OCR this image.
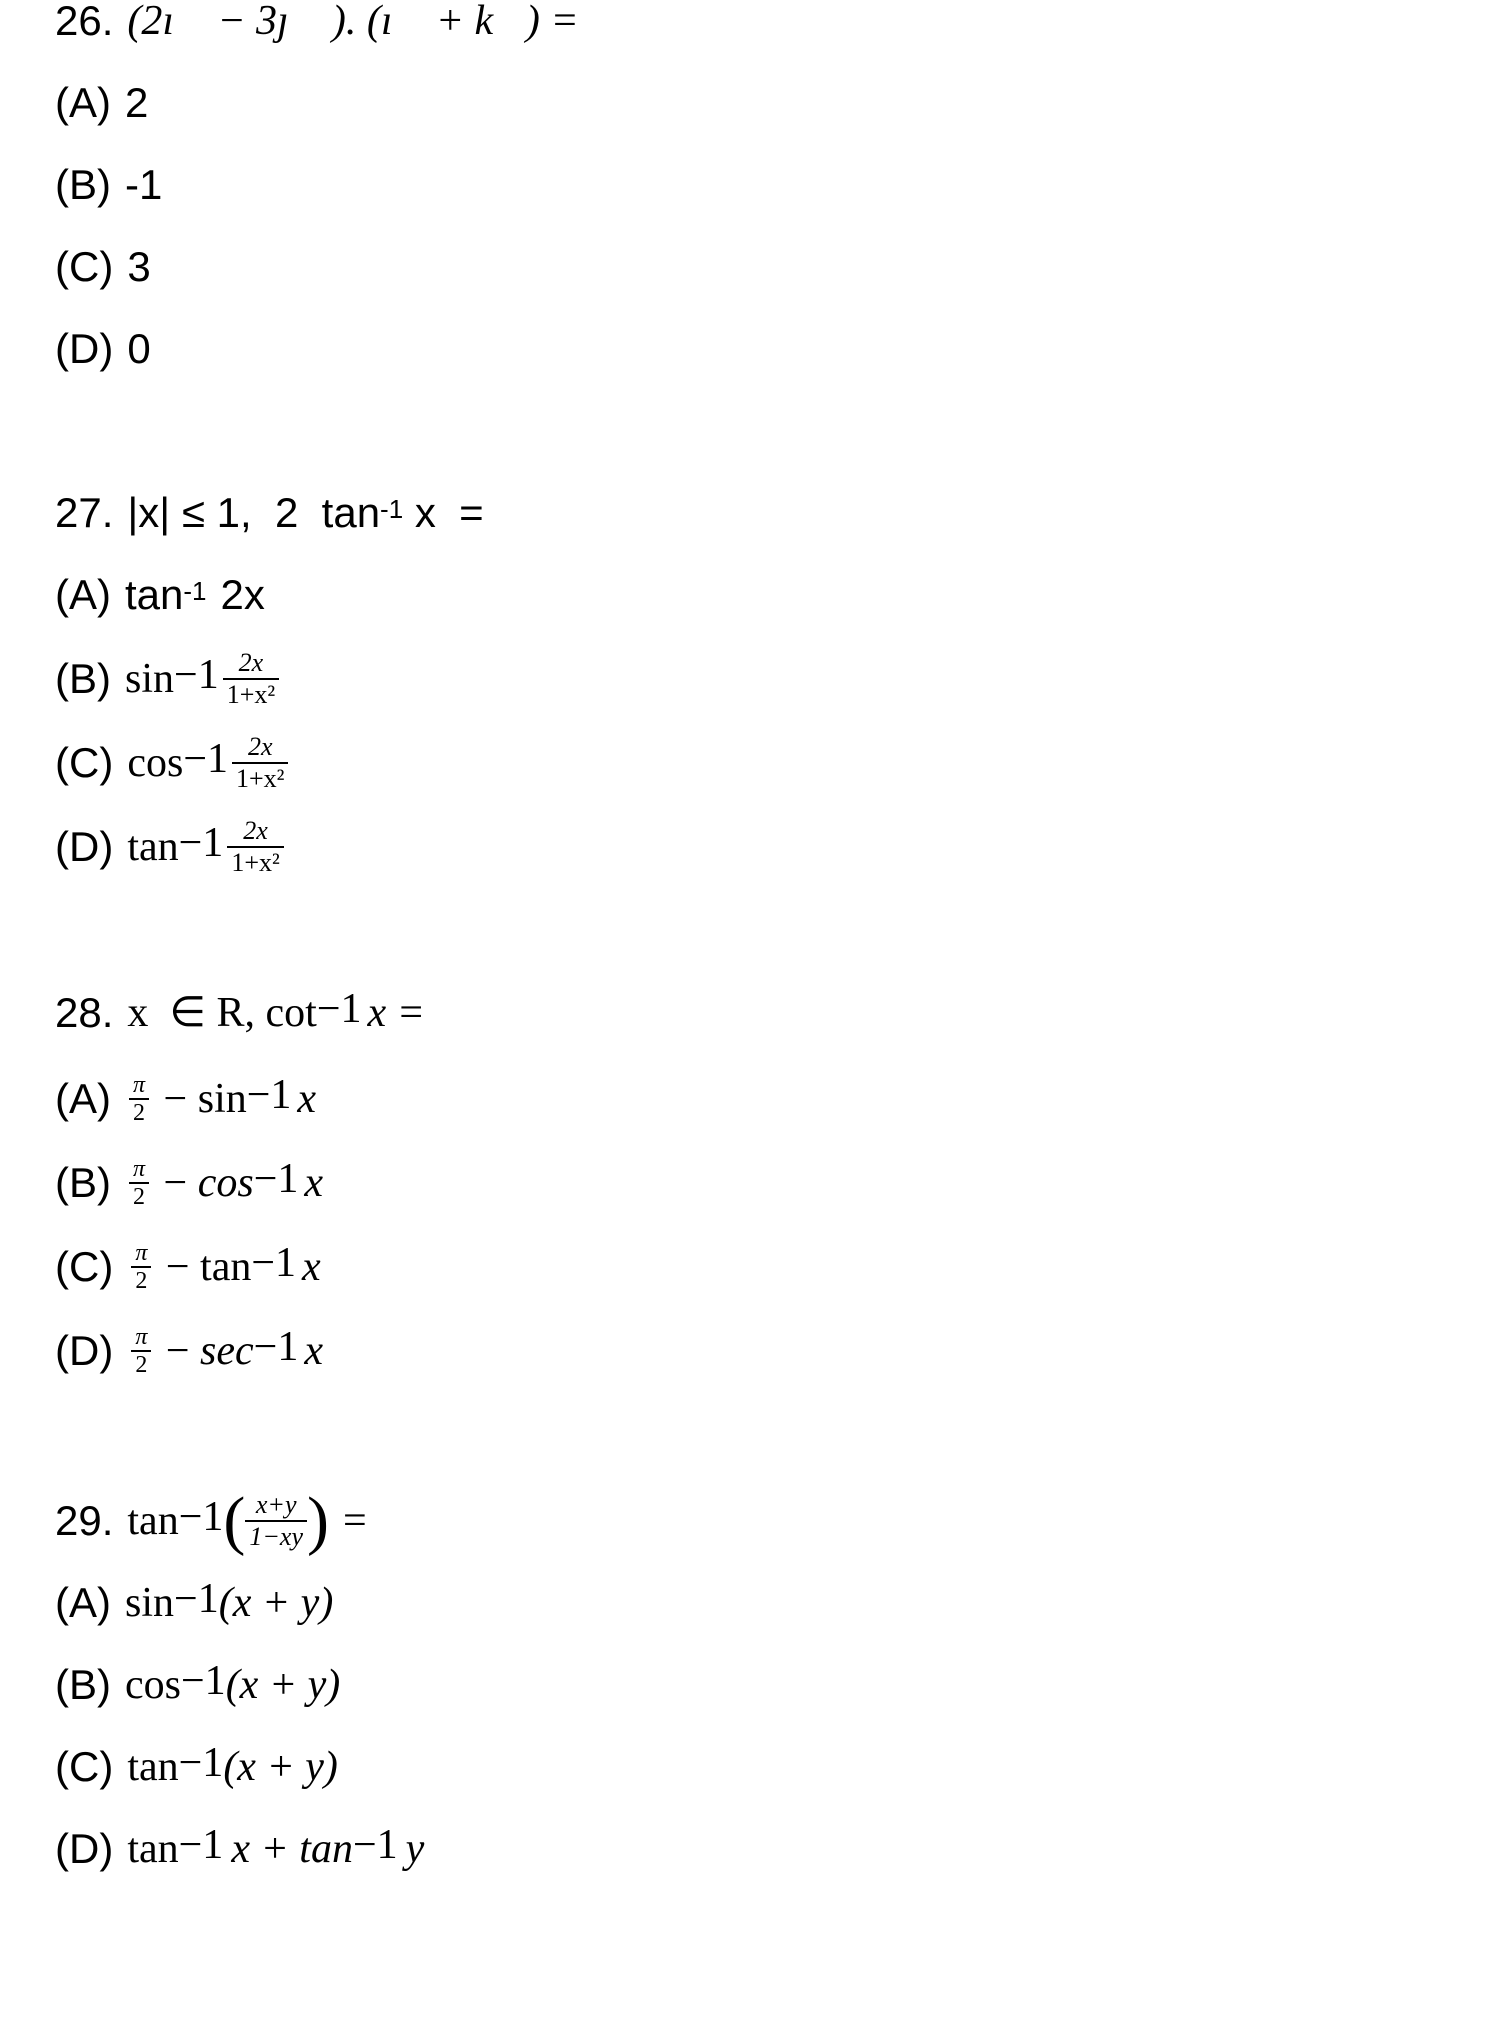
26. (2ı⃗ − 3ȷ⃗ ). (ı⃗ + k⃗) =
(A) 2
(B) -1
(C) 3
(D) 0
27. |x| ≤ 1,  2  $\tan^{-1} x$  =
(A) $\tan^{-1} 2x$
(B) $\sin^{-1} \frac{2x}{\text{1+x²}}$
(C) $\cos^{-1} \frac{2x}{\text{1+x²}}$
(D) $\tan^{-1} \frac{2x}{\text{1+x²}}$
28. x  ∈ R, $\cot^{-1} x$ =
$(A) \frac{\pi}{2} - \sin^{-1} x$
$(B) \frac{\pi}{2} - \cos^{-1} x$
$(C) \frac{\pi}{2} - \tan^{-1} x$
$(D) \frac{\pi}{2} - \sec^{-1} x$
29. $\tan^{-1}$ ( $\frac{x+y}{1-xy}$ ) =
(A) $\sin^{-1} (x + y)$
(B) $\cos^{-1} (x + y)$
(C) $\tan^{-1} (x + y)$
(D) $\tan^{-1} x + \tan^{-1} y$
